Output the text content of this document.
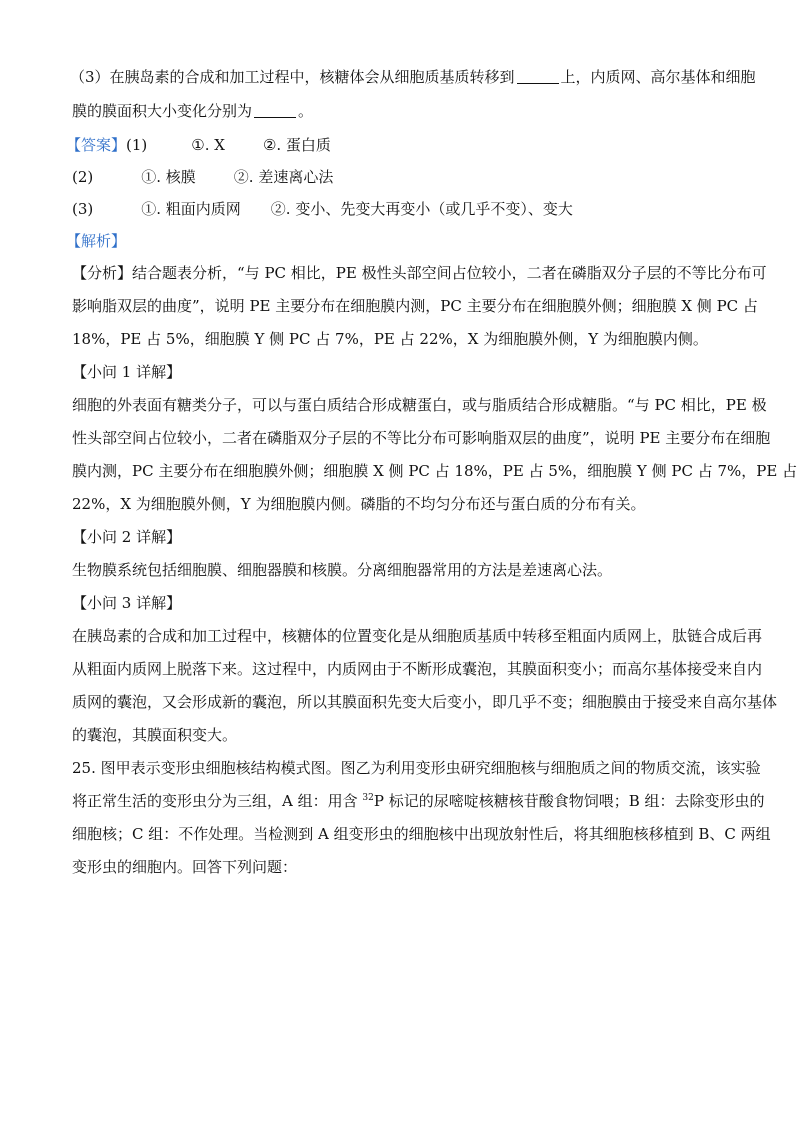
（3）在胰岛素的合成和加工过程中，核糖体会从细胞质基质转移到	上，内质网、高尔基体和细胞
膜的膜面积大小变化分别为	。
【答案】(1)	①. X	②. 蛋白质
(2)	①. 核膜	②. 差速离心法
(3)	①. 粗面内质网 ②. 变小、先变大再变小（或几乎不变）、变大
【解析】
【分析】结合题表分析，“与 PC 相比，PE 极性头部空间占位较小，二者在磷脂双分子层的不等比分布可
影响脂双层的曲度”，说明 PE 主要分布在细胞膜内测，PC 主要分布在细胞膜外侧；细胞膜 X 侧 PC 占
18%，PE 占 5%，细胞膜 Y 侧 PC 占 7%，PE 占 22%，X 为细胞膜外侧，Y 为细胞膜内侧。
【小问 1 详解】
细胞的外表面有糖类分子，可以与蛋白质结合形成糖蛋白，或与脂质结合形成糖脂。“与 PC 相比，PE 极
性头部空间占位较小，二者在磷脂双分子层的不等比分布可影响脂双层的曲度”，说明 PE 主要分布在细胞
膜内测，PC 主要分布在细胞膜外侧；细胞膜 X 侧 PC 占 18%，PE 占 5%，细胞膜 Y 侧 PC 占 7%，PE 占
22%，X 为细胞膜外侧，Y 为细胞膜内侧。磷脂的不均匀分布还与蛋白质的分布有关。
【小问 2 详解】
生物膜系统包括细胞膜、细胞器膜和核膜。分离细胞器常用的方法是差速离心法。
【小问 3 详解】
在胰岛素的合成和加工过程中，核糖体的位置变化是从细胞质基质中转移至粗面内质网上，肽链合成后再
从粗面内质网上脱落下来。这过程中，内质网由于不断形成囊泡，其膜面积变小；而高尔基体接受来自内
质网的囊泡，又会形成新的囊泡，所以其膜面积先变大后变小，即几乎不变；细胞膜由于接受来自高尔基体
的囊泡，其膜面积变大。
25. 图甲表示变形虫细胞核结构模式图。图乙为利用变形虫研究细胞核与细胞质之间的物质交流，该实验
将正常生活的变形虫分为三组，A 组：用含 $^{32}$P 标记的尿嘧啶核糖核苷酸食物饲喂；B 组：去除变形虫的
细胞核；C 组：不作处理。当检测到 A 组变形虫的细胞核中出现放射性后，将其细胞核移植到 B、C 两组
变形虫的细胞内。回答下列问题：
